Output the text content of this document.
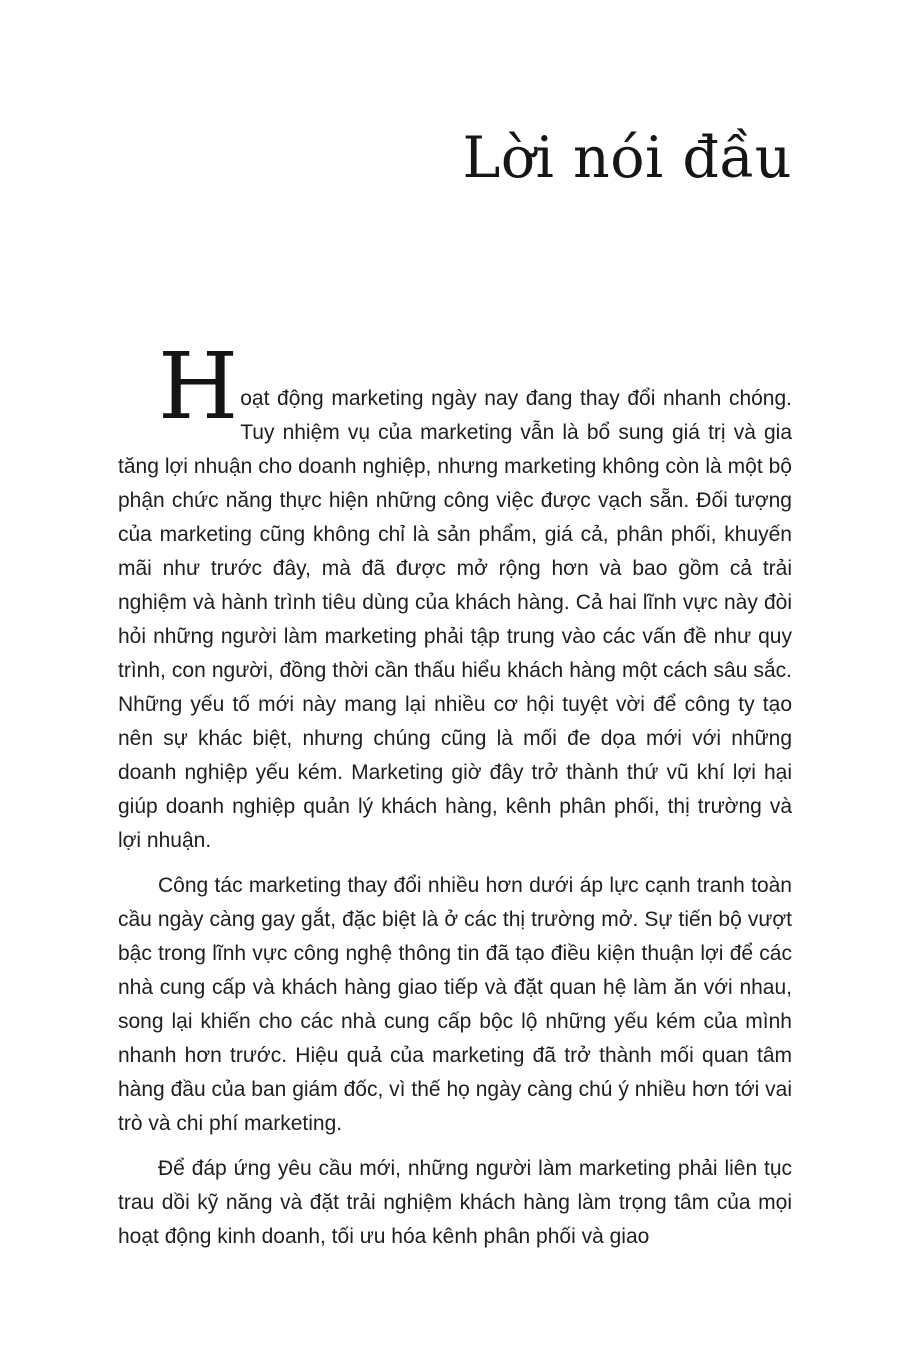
Lời nói đầu

Hoạt động marketing ngày nay đang thay đổi nhanh chóng. Tuy nhiệm vụ của marketing vẫn là bổ sung giá trị và gia tăng lợi nhuận cho doanh nghiệp, nhưng marketing không còn là một bộ phận chức năng thực hiện những công việc được vạch sẵn. Đối tượng của marketing cũng không chỉ là sản phẩm, giá cả, phân phối, khuyến mãi như trước đây, mà đã được mở rộng hơn và bao gồm cả trải nghiệm và hành trình tiêu dùng của khách hàng. Cả hai lĩnh vực này đòi hỏi những người làm marketing phải tập trung vào các vấn đề như quy trình, con người, đồng thời cần thấu hiểu khách hàng một cách sâu sắc. Những yếu tố mới này mang lại nhiều cơ hội tuyệt vời để công ty tạo nên sự khác biệt, nhưng chúng cũng là mối đe dọa mới với những doanh nghiệp yếu kém. Marketing giờ đây trở thành thứ vũ khí lợi hại giúp doanh nghiệp quản lý khách hàng, kênh phân phối, thị trường và lợi nhuận.

Công tác marketing thay đổi nhiều hơn dưới áp lực cạnh tranh toàn cầu ngày càng gay gắt, đặc biệt là ở các thị trường mở. Sự tiến bộ vượt bậc trong lĩnh vực công nghệ thông tin đã tạo điều kiện thuận lợi để các nhà cung cấp và khách hàng giao tiếp và đặt quan hệ làm ăn với nhau, song lại khiến cho các nhà cung cấp bộc lộ những yếu kém của mình nhanh hơn trước. Hiệu quả của marketing đã trở thành mối quan tâm hàng đầu của ban giám đốc, vì thế họ ngày càng chú ý nhiều hơn tới vai trò và chi phí marketing.

Để đáp ứng yêu cầu mới, những người làm marketing phải liên tục trau dồi kỹ năng và đặt trải nghiệm khách hàng làm trọng tâm của mọi hoạt động kinh doanh, tối ưu hóa kênh phân phối và giao
